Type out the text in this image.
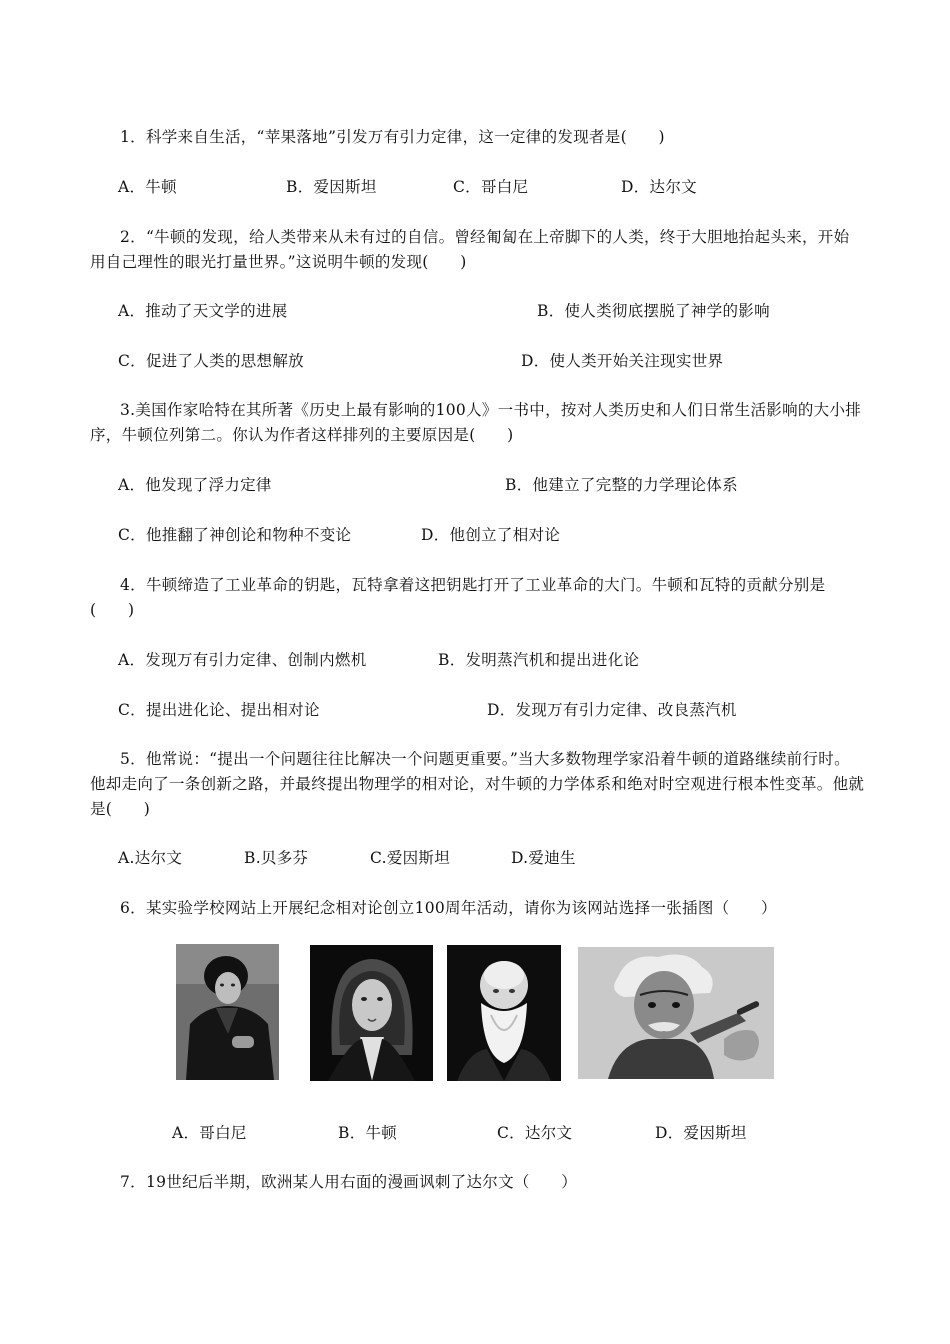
1．科学来自生活，“苹果落地”引发万有引力定律，这一定律的发现者是(　　)
A．牛顿	B．爱因斯坦	C．哥白尼	D．达尔文
2．“牛顿的发现，给人类带来从未有过的自信。曾经匍匐在上帝脚下的人类，终于大胆地抬起头来，开始用自己理性的眼光打量世界。”这说明牛顿的发现(　　)
A．推动了天文学的进展	B．使人类彻底摆脱了神学的影响
C．促进了人类的思想解放	D．使人类开始关注现实世界
3.美国作家哈特在其所著《历史上最有影响的100人》一书中，按对人类历史和人们日常生活影响的大小排序，牛顿位列第二。你认为作者这样排列的主要原因是(　　)
A．他发现了浮力定律	B．他建立了完整的力学理论体系
C．他推翻了神创论和物种不变论	D．他创立了相对论
4．牛顿缔造了工业革命的钥匙，瓦特拿着这把钥匙打开了工业革命的大门。牛顿和瓦特的贡献分别是(　　)
A．发现万有引力定律、创制内燃机	B．发明蒸汽机和提出进化论
C．提出进化论、提出相对论	D．发现万有引力定律、改良蒸汽机
5．他常说：“提出一个问题往往比解决一个问题更重要。”当大多数物理学家沿着牛顿的道路继续前行时。他却走向了一条创新之路，并最终提出物理学的相对论，对牛顿的力学体系和绝对时空观进行根本性变革。他就是(　　)
A.达尔文	B.贝多芬	C.爱因斯坦	D.爱迪生
6．某实验学校网站上开展纪念相对论创立100周年活动，请你为该网站选择一张插图（　　）
A．哥白尼	B．牛顿	C．达尔文	D．爱因斯坦
7．19世纪后半期，欧洲某人用右面的漫画讽刺了达尔文（　　）
